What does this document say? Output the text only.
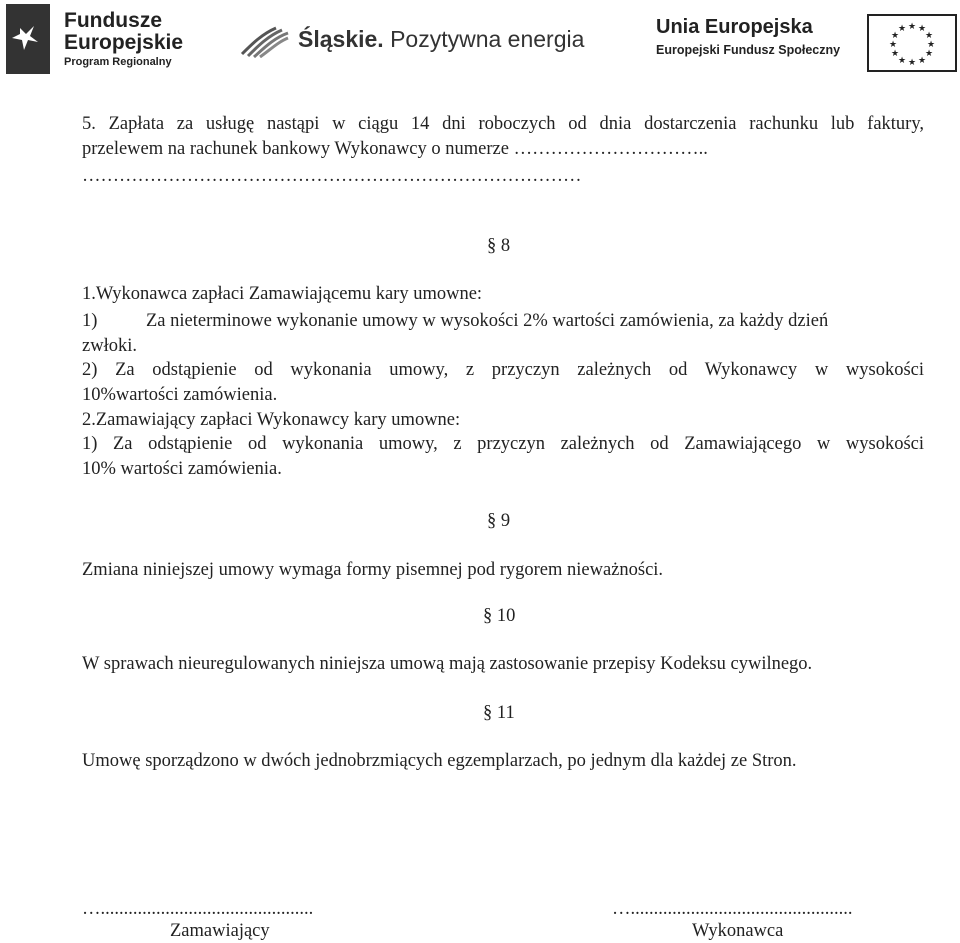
Fundusze
Europejskie
Program Regionalny
Śląskie. Pozytywna energia	Unia Europejska
Europejski Fundusz Społeczny
★ ★
★
★
★
★
★
★
★
★
★
★
5. Zapłata za usługę nastąpi w ciągu 14 dni roboczych od dnia dostarczenia rachunku lub faktury,
przelewem na rachunek bankowy Wykonawcy o numerze …………………………..
………………………………………………………………………
§ 8
1.Wykonawca zapłaci Zamawiającemu kary umowne:
1)	Za nieterminowe wykonanie umowy w wysokości 2% wartości zamówienia, za każdy dzień
zwłoki.
2) Za odstąpienie od wykonania umowy, z przyczyn zależnych od Wykonawcy w wysokości
10%wartości zamówienia.
2.Zamawiający zapłaci Wykonawcy kary umowne:
1) Za odstąpienie od wykonania umowy, z przyczyn zależnych od Zamawiającego w wysokości
10% wartości zamówienia.
§ 9
Zmiana niniejszej umowy wymaga formy pisemnej pod rygorem nieważności.
§ 10
W sprawach nieuregulowanych niniejsza umową mają zastosowanie przepisy Kodeksu cywilnego.
§ 11
Umowę sporządzono w dwóch jednobrzmiących egzemplarzach, po jednym dla każdej ze Stron.
…..............................................
Zamawiający
…................................................
Wykonawca
